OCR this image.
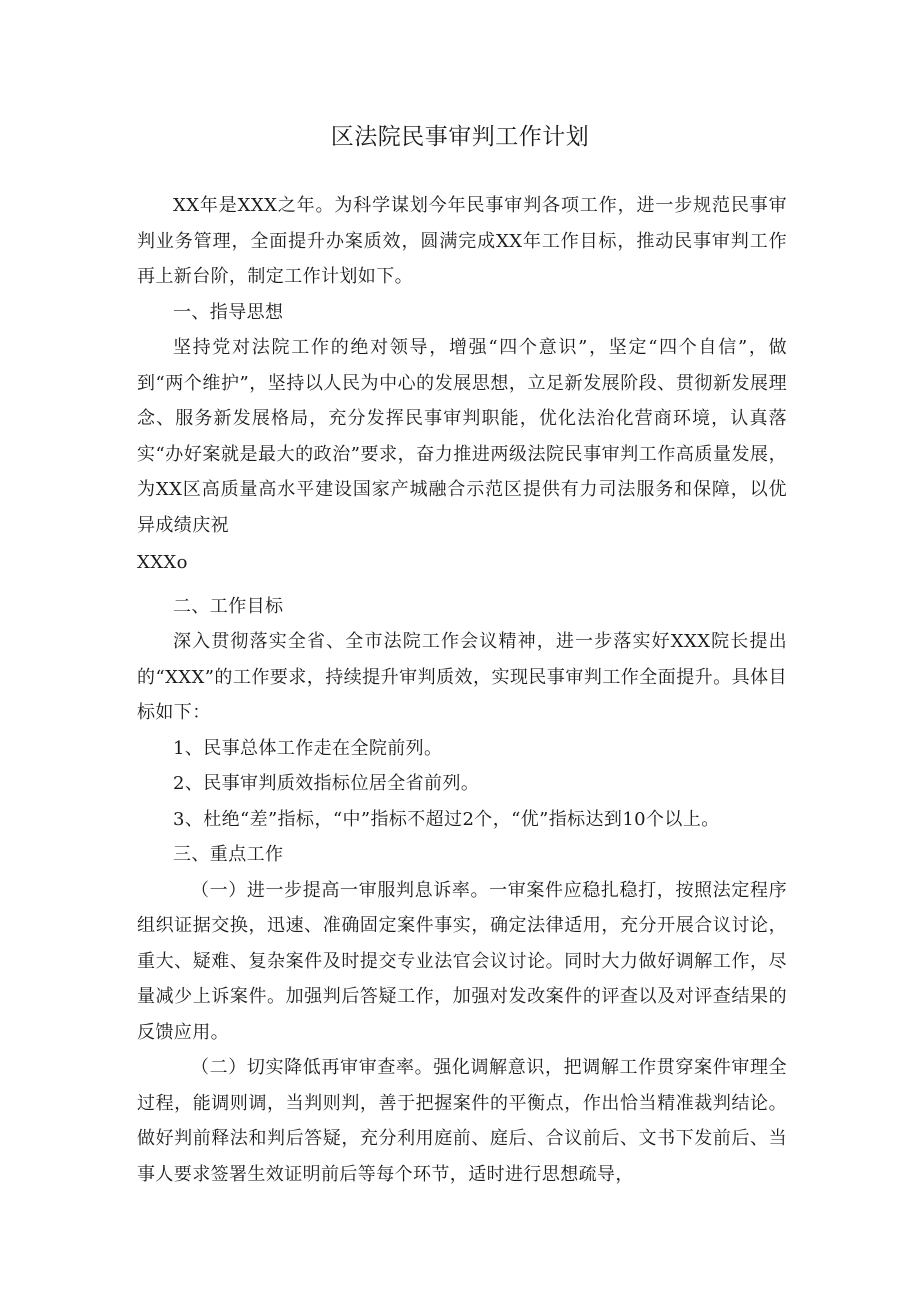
区法院民事审判工作计划

XX年是XXX之年。为科学谋划今年民事审判各项工作，进一步规范民事审判业务管理，全面提升办案质效，圆满完成XX年工作目标，推动民事审判工作再上新台阶，制定工作计划如下。

一、指导思想

坚持党对法院工作的绝对领导，增强“四个意识”，坚定“四个自信”，做到“两个维护”，坚持以人民为中心的发展思想，立足新发展阶段、贯彻新发展理念、服务新发展格局，充分发挥民事审判职能，优化法治化营商环境，认真落实“办好案就是最大的政治”要求，奋力推进两级法院民事审判工作高质量发展，为XX区高质量高水平建设国家产城融合示范区提供有力司法服务和保障，以优异成绩庆祝

XXXo

二、工作目标

深入贯彻落实全省、全市法院工作会议精神，进一步落实好XXX院长提出的“XXX”的工作要求，持续提升审判质效，实现民事审判工作全面提升。具体目标如下：

1、民事总体工作走在全院前列。

2、民事审判质效指标位居全省前列。

3、杜绝“差”指标，“中”指标不超过2个，“优”指标达到10个以上。

三、重点工作

（一）进一步提高一审服判息诉率。一审案件应稳扎稳打，按照法定程序组织证据交换，迅速、准确固定案件事实，确定法律适用，充分开展合议讨论，重大、疑难、复杂案件及时提交专业法官会议讨论。同时大力做好调解工作，尽量减少上诉案件。加强判后答疑工作，加强对发改案件的评查以及对评查结果的反馈应用。

（二）切实降低再审审查率。强化调解意识，把调解工作贯穿案件审理全过程，能调则调，当判则判，善于把握案件的平衡点，作出恰当精准裁判结论。做好判前释法和判后答疑，充分利用庭前、庭后、合议前后、文书下发前后、当事人要求签署生效证明前后等每个环节，适时进行思想疏导，
